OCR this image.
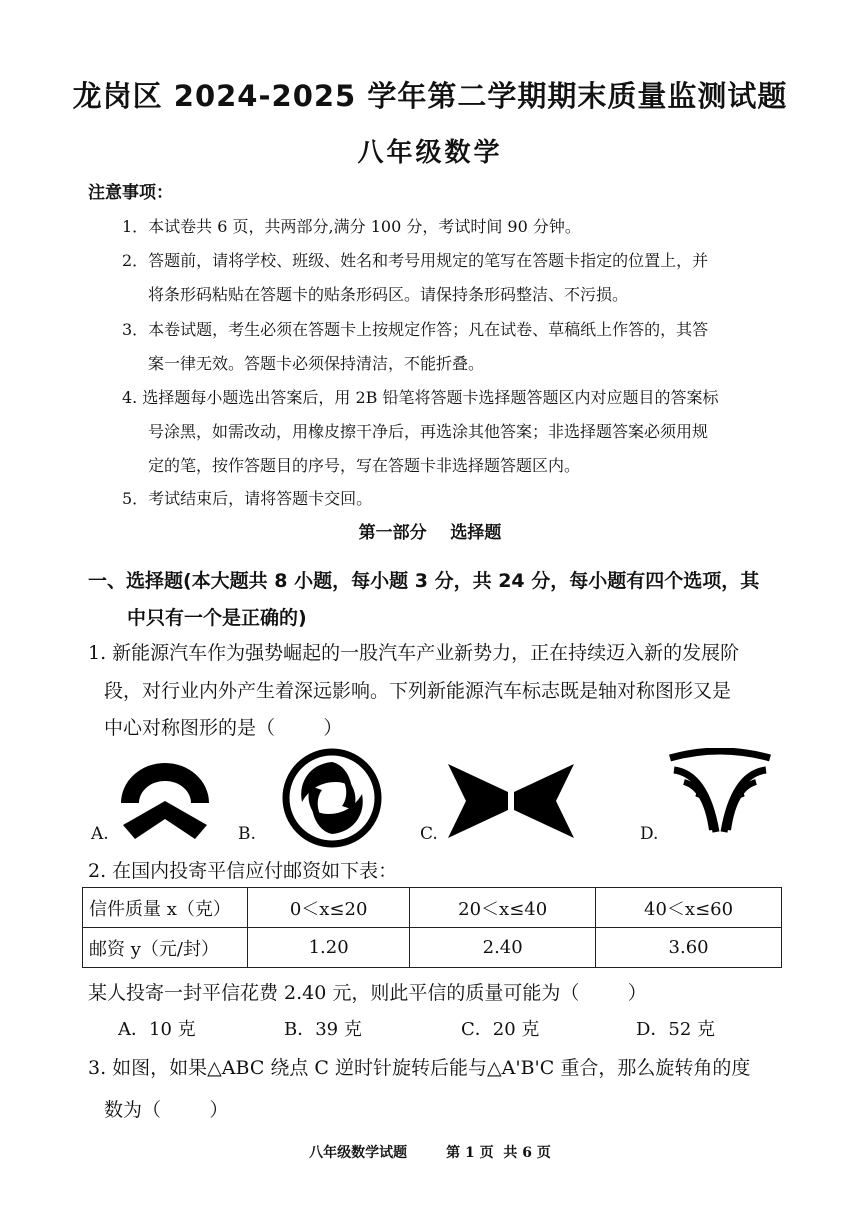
龙岗区 2024-2025 学年第二学期期末质量监测试题
八年级数学
注意事项：
1．本试卷共 6 页，共两部分,满分 100 分，考试时间 90 分钟。
2．答题前，请将学校、班级、姓名和考号用规定的笔写在答题卡指定的位置上，并
将条形码粘贴在答题卡的贴条形码区。请保持条形码整洁、不污损。
3．本卷试题，考生必须在答题卡上按规定作答；凡在试卷、草稿纸上作答的，其答
案一律无效。答题卡必须保持清洁，不能折叠。
4. 选择题每小题选出答案后，用 2B 铅笔将答题卡选择题答题区内对应题目的答案标
号涂黑，如需改动，用橡皮擦干净后，再选涂其他答案；非选择题答案必须用规
定的笔，按作答题目的序号，写在答题卡非选择题答题区内。
5．考试结束后，请将答题卡交回。
第一部分    选择题
一、选择题(本大题共 8 小题，每小题 3 分，共 24 分，每小题有四个选项，其
中只有一个是正确的)
1. 新能源汽车作为强势崛起的一股汽车产业新势力，正在持续迈入新的发展阶
段，对行业内外产生着深远影响。下列新能源汽车标志既是轴对称图形又是
中心对称图形的是（        ）
A.	B.	C.	D.
2. 在国内投寄平信应付邮资如下表：
信件质量 x（克）	0＜x≤20	20＜x≤40	40＜x≤60
邮资 y（元/封）	1.20	2.40	3.60
某人投寄一封平信花费 2.40 元，则此平信的质量可能为（        ）
A．10 克	B．39 克	C．20 克	D．52 克
3. 如图，如果△ABC 绕点 C 逆时针旋转后能与△A'B'C 重合，那么旋转角的度
数为（        ）
八年级数学试题        第 1 页  共 6 页
